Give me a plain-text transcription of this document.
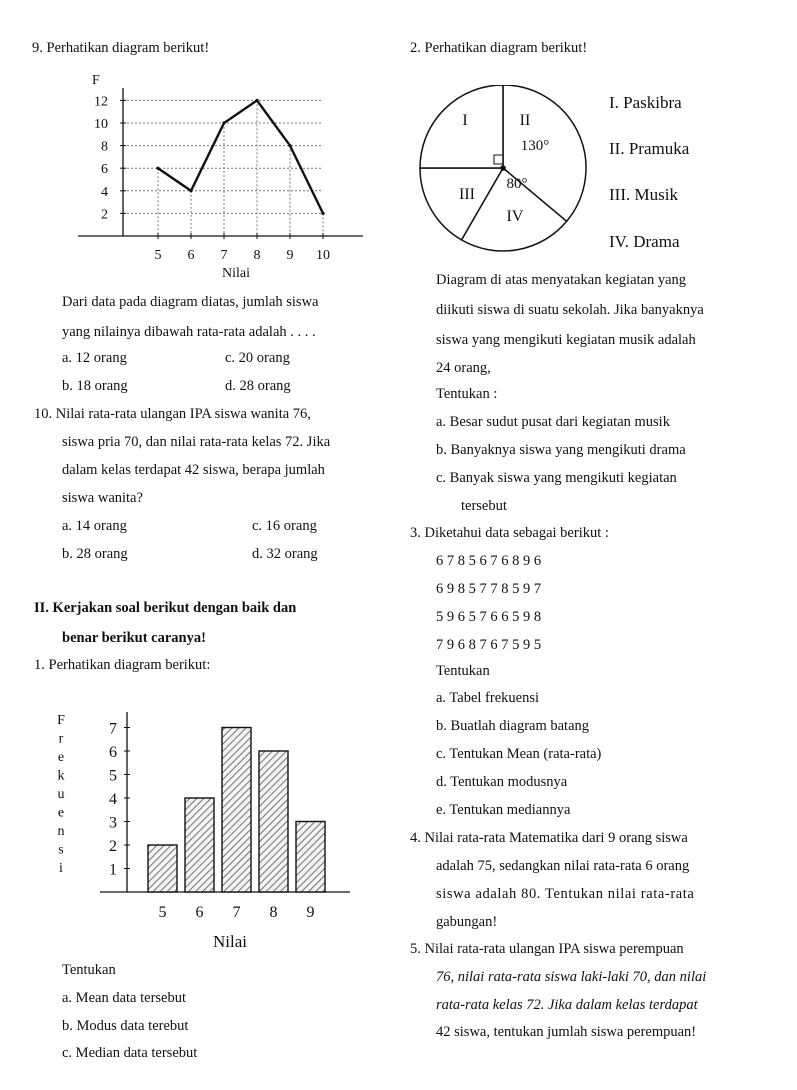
9. Perhatikan diagram berikut!
F
5 6 7 8 9 10
2
4
6
8
10
12
Nilai
Dari data pada diagram diatas, jumlah siswa
yang nilainya dibawah rata-rata adalah . . . .
a. 12 orang	c. 20 orang
b. 18 orang	d. 28 orang
10. Nilai rata-rata ulangan IPA siswa wanita 76,
siswa pria 70, dan nilai rata-rata kelas 72. Jika
dalam kelas terdapat 42 siswa, berapa jumlah
siswa wanita?
a. 14 orang	c. 16 orang
b. 28 orang	d. 32 orang
II. Kerjakan soal berikut dengan baik dan
benar berikut caranya!
1. Perhatikan diagram berikut:
F
r
e
k
u
e
n
s
i
5 6 7 8 9
1
2
3
4
5
6
7
Nilai
Tentukan
a. Mean data tersebut
b. Modus data terebut
c. Median data tersebut
2. Perhatikan diagram berikut!
II
130°
III
80°
IV
I
I. Paskibra
II. Pramuka
III. Musik
IV. Drama
Diagram di atas menyatakan kegiatan yang
diikuti siswa di suatu sekolah. Jika banyaknya
siswa yang mengikuti kegiatan musik adalah
24 orang,
Tentukan :
a. Besar sudut pusat dari kegiatan musik
b. Banyaknya siswa yang mengikuti drama
c. Banyak siswa yang mengikuti kegiatan
tersebut
3. Diketahui data sebagai berikut :
6 7 8 5 6 7 6 8 9 6
6 9 8 5 7 7 8 5 9 7
5 9 6 5 7 6 6 5 9 8
7 9 6 8 7 6 7 5 9 5
Tentukan
a. Tabel frekuensi
b. Buatlah diagram batang
c. Tentukan Mean (rata-rata)
d. Tentukan modusnya
e. Tentukan mediannya
4. Nilai rata-rata Matematika dari 9 orang siswa
adalah 75, sedangkan nilai rata-rata 6 orang
siswa adalah 80. Tentukan nilai rata-rata
gabungan!
5. Nilai rata-rata ulangan IPA siswa perempuan
76, nilai rata-rata siswa laki-laki 70, dan nilai
rata-rata kelas 72. Jika dalam kelas terdapat
42 siswa, tentukan jumlah siswa perempuan!
